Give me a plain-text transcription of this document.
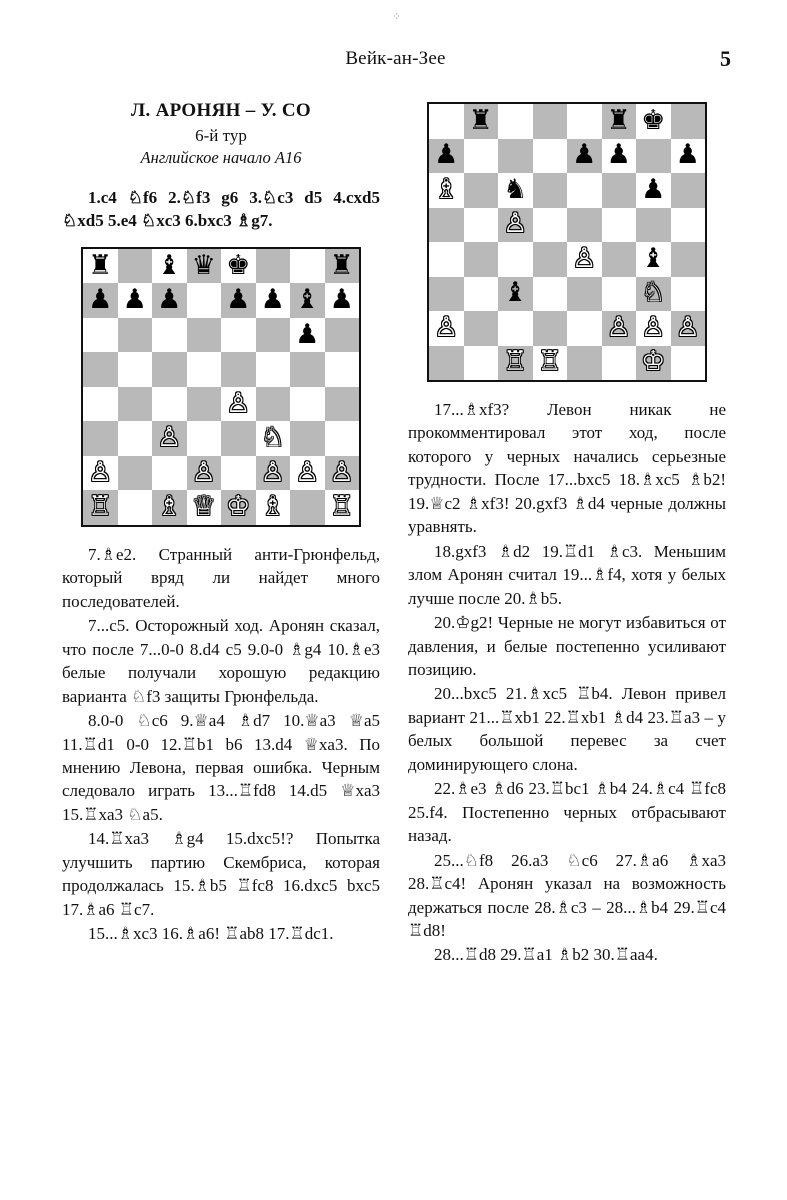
⁘
Вейк-ан-Зее	5
Л. АРОНЯН – У. СО
6-й тур
Английское начало A16

1.c4 ♘f6 2.♘f3 g6 3.♘c3 d5 4.cxd5 ♘xd5 5.e4 ♘xc3 6.bxc3 ♗g7.

♜ ♝ ♛ ♚	♜
♟ ♟ ♟ ♟ ♟ ♝ ♟
♟
♙
♙	♘
♙	♙ ♙ ♙ ♙
♖ ♗ ♕ ♔ ♗ ♖

7.♗e2. Странный анти-Грюнфельд, который вряд ли найдет много последователей.

7...c5. Осторожный ход. Аронян сказал, что после 7...0-0 8.d4 c5 9.0-0 ♗g4 10.♗e3 белые получали хорошую редакцию варианта ♘f3 защиты Грюнфельда.

8.0-0 ♘c6 9.♕a4 ♗d7 10.♕a3 ♕a5 11.♖d1 0-0 12.♖b1 b6 13.d4 ♕xa3. По мнению Левона, первая ошибка. Черным следовало играть 13...♖fd8 14.d5 ♕xa3 15.♖xa3 ♘a5.

14.♖xa3 ♗g4 15.dxc5!? Попытка улучшить партию Скембриса, которая продолжалась 15.♗b5 ♖fc8 16.dxc5 bxc5 17.♗a6 ♖c7.

15...♗xc3 16.♗a6! ♖ab8 17.♖dc1.

♜	♜ ♚
♟	♟ ♟ ♟
♗ ♞	♟
♙
♙ ♝
♝	♘
♙	♙ ♙ ♙
♖ ♖	♔

17...♗xf3? Левон никак не прокомментировал этот ход, после которого у черных начались серьезные трудности. После 17...bxc5 18.♗xc5 ♗b2! 19.♕c2 ♗xf3! 20.gxf3 ♗d4 черные должны уравнять.

18.gxf3 ♗d2 19.♖d1 ♗c3. Меньшим злом Аронян считал 19...♗f4, хотя у белых лучше после 20.♗b5.

20.♔g2! Черные не могут избавиться от давления, и белые постепенно усиливают позицию.

20...bxc5 21.♗xc5 ♖b4. Левон привел вариант 21...♖xb1 22.♖xb1 ♗d4 23.♖a3 – у белых большой перевес за счет доминирующего слона.

22.♗e3 ♗d6 23.♖bc1 ♗b4 24.♗c4 ♖fc8 25.f4. Постепенно черных отбрасывают назад.

25...♘f8 26.a3 ♘c6 27.♗a6 ♗xa3 28.♖c4! Аронян указал на возможность держаться после 28.♗c3 – 28...♗b4 29.♖c4 ♖d8!

28...♖d8 29.♖a1 ♗b2 30.♖aa4.
